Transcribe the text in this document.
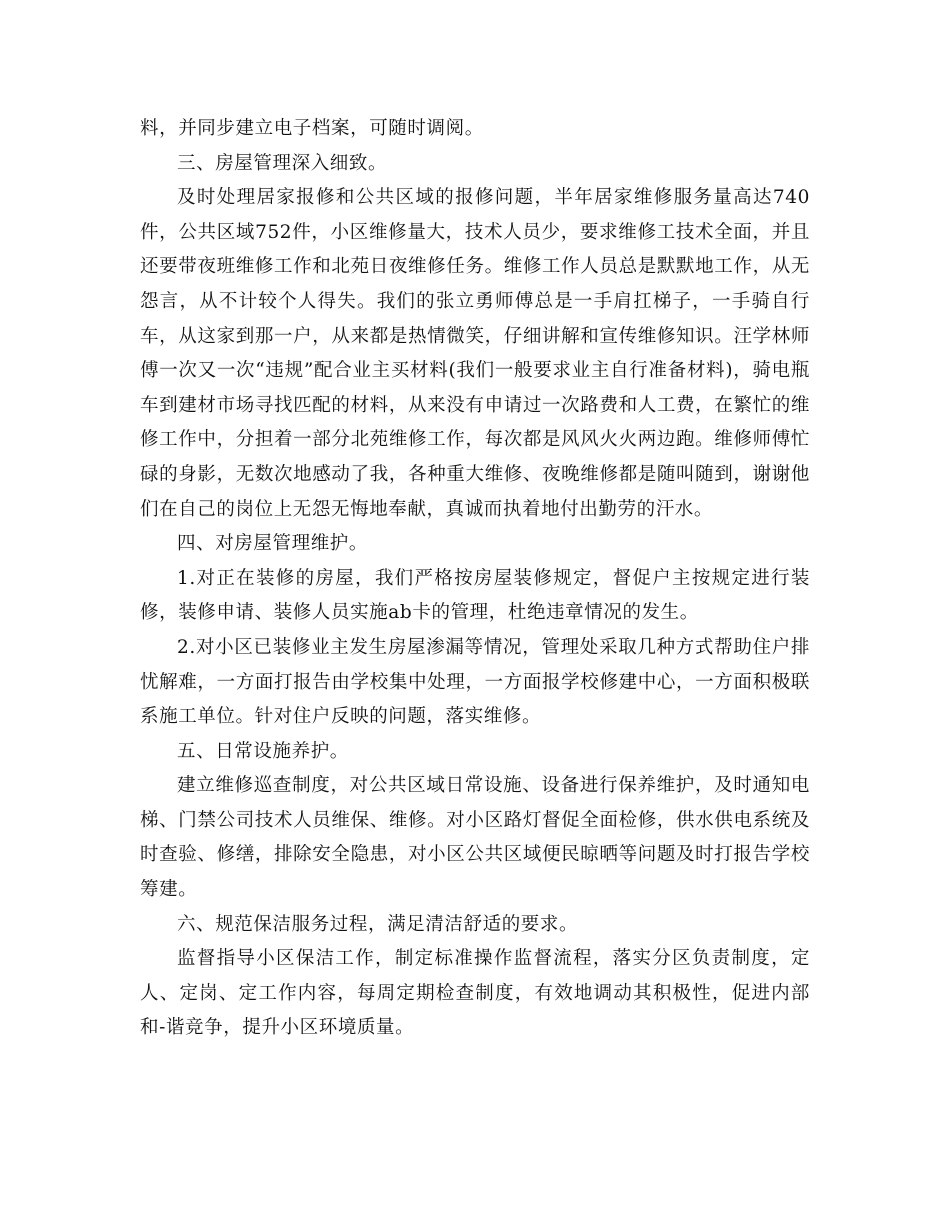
料，并同步建立电子档案，可随时调阅。

三、房屋管理深入细致。

及时处理居家报修和公共区域的报修问题，半年居家维修服务量高达740件，公共区域752件，小区维修量大，技术人员少，要求维修工技术全面，并且还要带夜班维修工作和北苑日夜维修任务。维修工作人员总是默默地工作，从无怨言，从不计较个人得失。我们的张立勇师傅总是一手肩扛梯子，一手骑自行车，从这家到那一户，从来都是热情微笑，仔细讲解和宣传维修知识。汪学林师傅一次又一次“违规”配合业主买材料(我们一般要求业主自行准备材料)，骑电瓶车到建材市场寻找匹配的材料，从来没有申请过一次路费和人工费，在繁忙的维修工作中，分担着一部分北苑维修工作，每次都是风风火火两边跑。维修师傅忙碌的身影，无数次地感动了我，各种重大维修、夜晚维修都是随叫随到，谢谢他们在自己的岗位上无怨无悔地奉献，真诚而执着地付出勤劳的汗水。

四、对房屋管理维护。

1.对正在装修的房屋，我们严格按房屋装修规定，督促户主按规定进行装修，装修申请、装修人员实施ab卡的管理，杜绝违章情况的发生。

2.对小区已装修业主发生房屋渗漏等情况，管理处采取几种方式帮助住户排忧解难，一方面打报告由学校集中处理，一方面报学校修建中心，一方面积极联系施工单位。针对住户反映的问题，落实维修。

五、日常设施养护。

建立维修巡查制度，对公共区域日常设施、设备进行保养维护，及时通知电梯、门禁公司技术人员维保、维修。对小区路灯督促全面检修，供水供电系统及时查验、修缮，排除安全隐患，对小区公共区域便民晾晒等问题及时打报告学校筹建。

六、规范保洁服务过程，满足清洁舒适的要求。

监督指导小区保洁工作，制定标准操作监督流程，落实分区负责制度，定人、定岗、定工作内容，每周定期检查制度，有效地调动其积极性，促进内部和-谐竞争，提升小区环境质量。
